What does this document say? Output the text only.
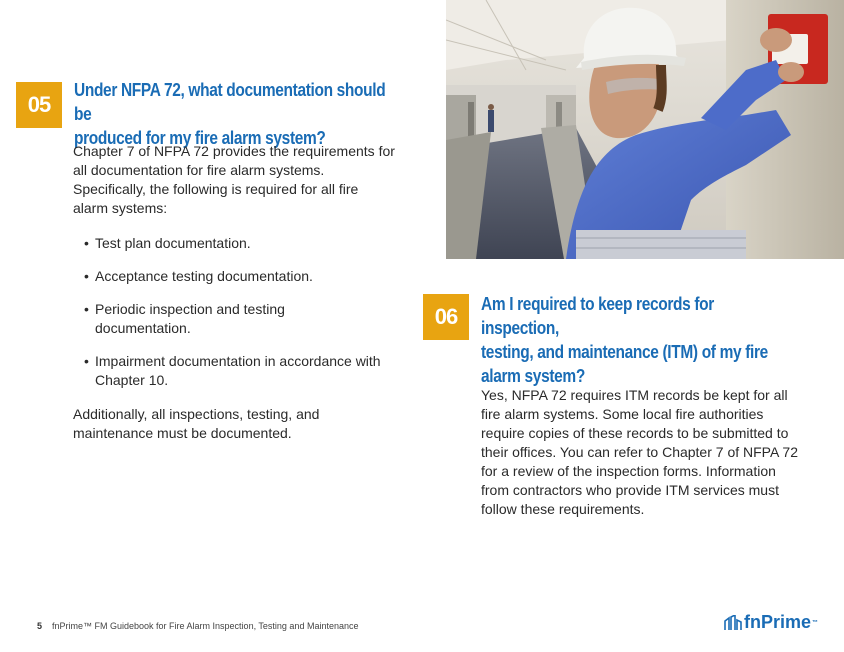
05
Under NFPA 72, what documentation should be
produced for my fire alarm system?

Chapter 7 of NFPA 72 provides the requirements for all documentation for fire alarm systems. Specifically, the following is required for all fire alarm systems:

• Test plan documentation.
• Acceptance testing documentation.
• Periodic inspection and testing documentation.
• Impairment documentation in accordance with Chapter 10.

Additionally, all inspections, testing, and maintenance must be documented.

06	Am I required to keep records for inspection,
testing, and maintenance (ITM) of my fire
alarm system?

Yes, NFPA 72 requires ITM records be kept for all fire alarm systems. Some local fire authorities require copies of these records to be submitted to their offices. You can refer to Chapter 7 of NFPA 72 for a review of the inspection forms. Information from contractors who provide ITM services must follow these requirements.

5 fnPrime™ FM Guidebook for Fire Alarm Inspection, Testing and Maintenance	fnPrime ™
